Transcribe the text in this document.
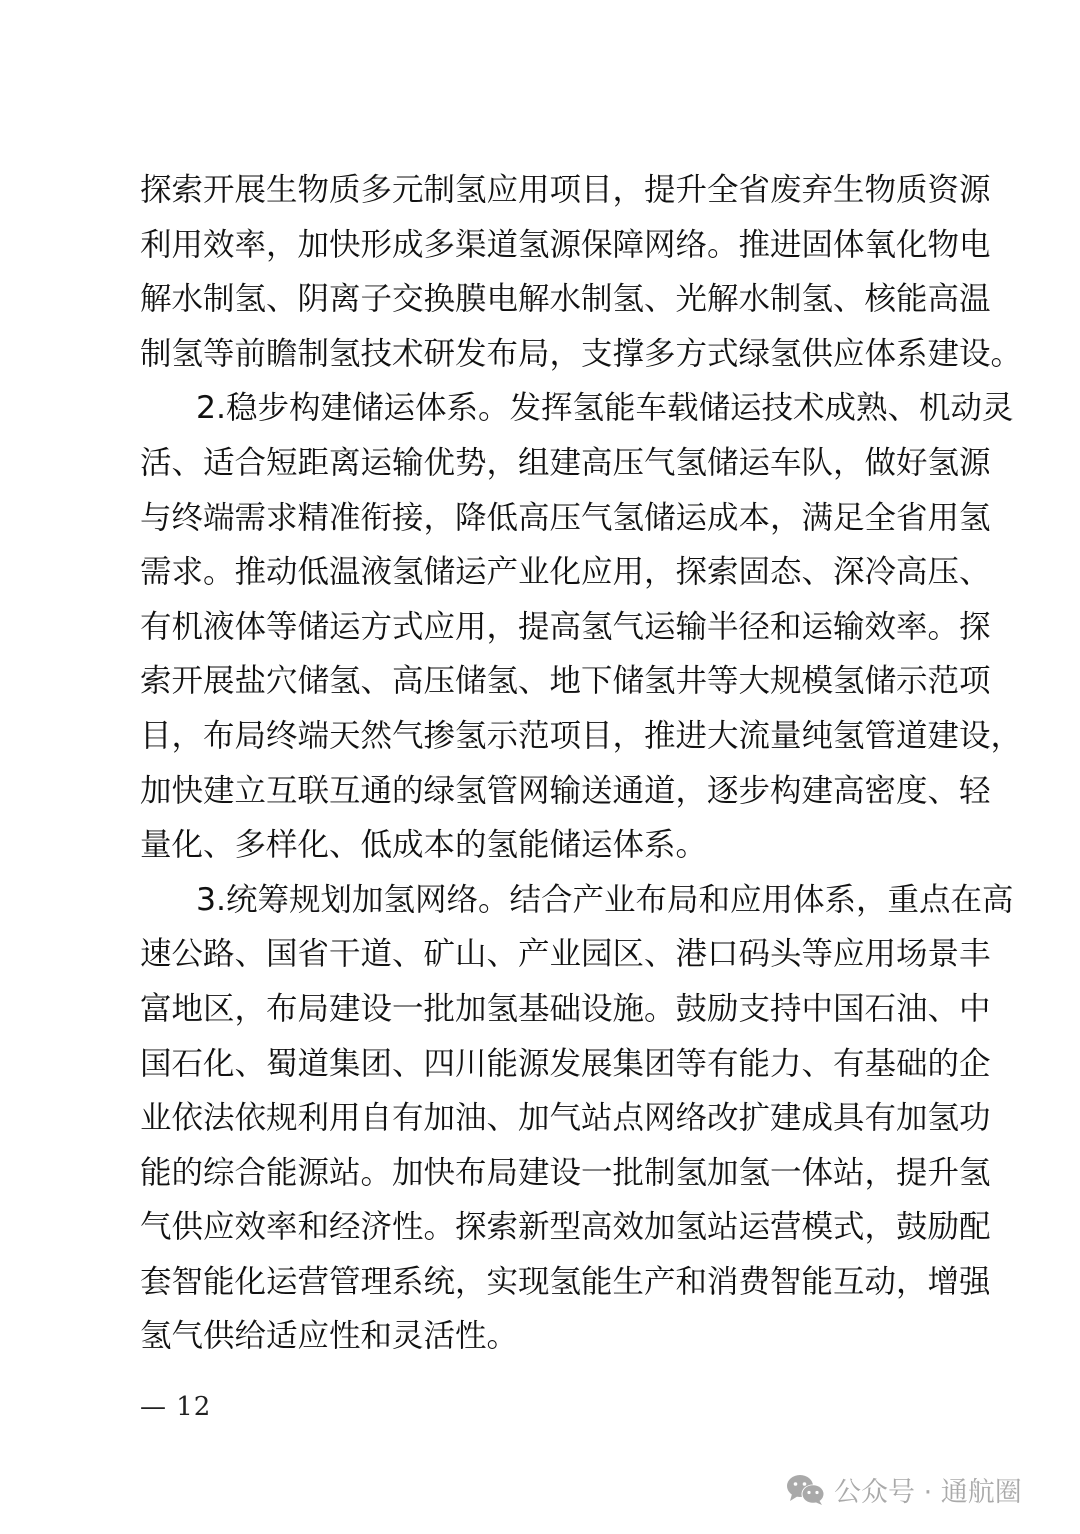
探索开展生物质多元制氢应用项目，提升全省废弃生物质资源
利用效率，加快形成多渠道氢源保障网络。推进固体氧化物电
解水制氢、阴离子交换膜电解水制氢、光解水制氢、核能高温
制氢等前瞻制氢技术研发布局，支撑多方式绿氢供应体系建设。
2.稳步构建储运体系。发挥氢能车载储运技术成熟、机动灵
活、适合短距离运输优势，组建高压气氢储运车队，做好氢源
与终端需求精准衔接，降低高压气氢储运成本，满足全省用氢
需求。推动低温液氢储运产业化应用，探索固态、深冷高压、
有机液体等储运方式应用，提高氢气运输半径和运输效率。探
索开展盐穴储氢、高压储氢、地下储氢井等大规模氢储示范项
目，布局终端天然气掺氢示范项目，推进大流量纯氢管道建设，
加快建立互联互通的绿氢管网输送通道，逐步构建高密度、轻
量化、多样化、低成本的氢能储运体系。
3.统筹规划加氢网络。结合产业布局和应用体系，重点在高
速公路、国省干道、矿山、产业园区、港口码头等应用场景丰
富地区，布局建设一批加氢基础设施。鼓励支持中国石油、中
国石化、蜀道集团、四川能源发展集团等有能力、有基础的企
业依法依规利用自有加油、加气站点网络改扩建成具有加氢功
能的综合能源站。加快布局建设一批制氢加氢一体站，提升氢
气供应效率和经济性。探索新型高效加氢站运营模式，鼓励配
套智能化运营管理系统，实现氢能生产和消费智能互动，增强
氢气供给适应性和灵活性。
— 12
公众号 · 通航圈
